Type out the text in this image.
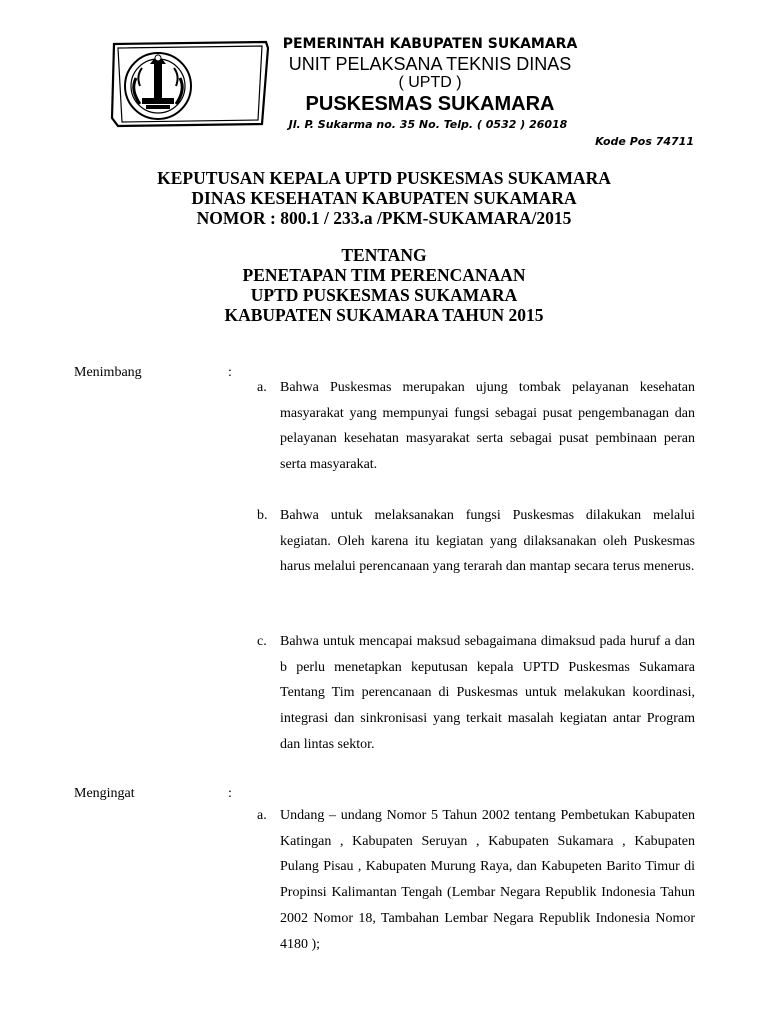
PEMERINTAH KABUPATEN SUKAMARA
UNIT PELAKSANA TEKNIS DINAS
( UPTD )
PUSKESMAS SUKAMARA
Jl. P. Sukarma no. 35 No. Telp. ( 0532 ) 26018
Kode Pos 74711
KEPUTUSAN KEPALA UPTD PUSKESMAS SUKAMARA
DINAS KESEHATAN KABUPATEN SUKAMARA
NOMOR : 800.1 / 233.a /PKM-SUKAMARA/2015
TENTANG
PENETAPAN TIM PERENCANAAN
UPTD PUSKESMAS SUKAMARA
KABUPATEN SUKAMARA TAHUN 2015
Menimbang	:
a. Bahwa Puskesmas merupakan ujung tombak pelayanan kesehatan masyarakat yang mempunyai fungsi sebagai pusat pengembanagan dan pelayanan kesehatan masyarakat serta sebagai pusat pembinaan peran serta masyarakat.
b. Bahwa untuk melaksanakan fungsi Puskesmas dilakukan melalui kegiatan. Oleh karena itu kegiatan yang dilaksanakan oleh Puskesmas harus melalui perencanaan yang terarah dan mantap secara terus menerus.
c. Bahwa untuk mencapai maksud sebagaimana dimaksud pada huruf a dan b perlu menetapkan keputusan kepala UPTD Puskesmas Sukamara Tentang Tim perencanaan di Puskesmas untuk melakukan koordinasi, integrasi dan sinkronisasi yang terkait masalah kegiatan antar Program dan lintas sektor.
Mengingat	:
a. Undang – undang Nomor 5 Tahun 2002 tentang Pembetukan Kabupaten Katingan , Kabupaten Seruyan , Kabupaten Sukamara , Kabupaten Pulang Pisau , Kabupaten Murung Raya, dan Kabupeten Barito Timur di Propinsi Kalimantan Tengah (Lembar Negara Republik Indonesia Tahun 2002 Nomor 18, Tambahan Lembar Negara Republik Indonesia Nomor 4180 );
